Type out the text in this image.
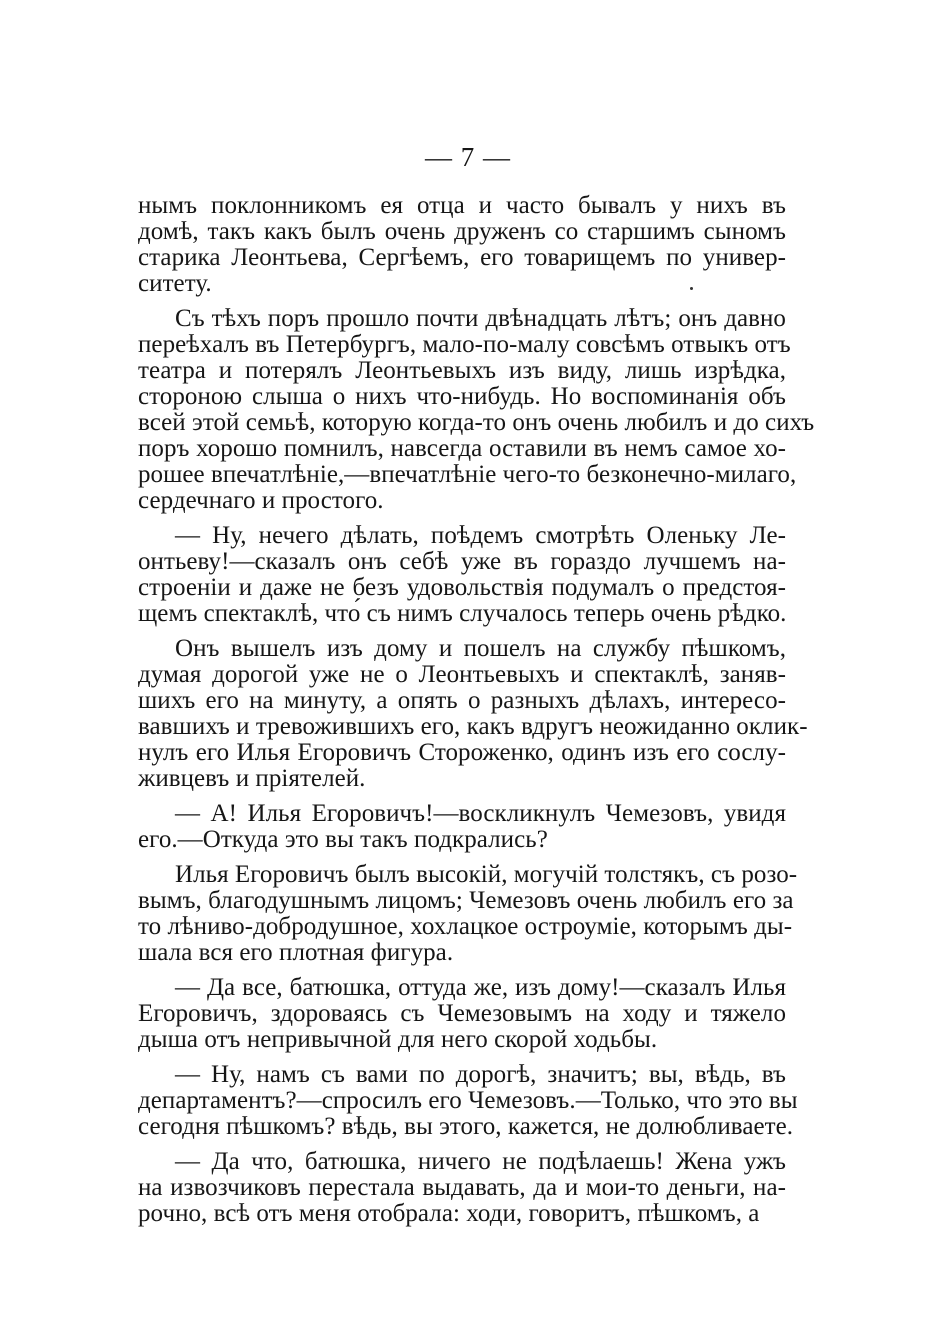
— 7 —
нымъ поклонникомъ ея отца и часто бывалъ у нихъ въ
домѣ, такъ какъ былъ очень друженъ со старшимъ сыномъ
старика Леонтьева, Сергѣемъ, его товарищемъ по универ-
ситету.
Съ тѣхъ поръ прошло почти двѣнадцать лѣтъ; онъ давно
переѣхалъ въ Петербургъ, мало-по-малу совсѣмъ отвыкъ отъ
театра и потерялъ Леонтьевыхъ изъ виду, лишь изрѣдка,
стороною слыша о нихъ что-нибудь. Но воспоминанія объ
всей этой семьѣ, которую когда-то онъ очень любилъ и до сихъ
поръ хорошо помнилъ, навсегда оставили въ немъ самое хо-
рошее впечатлѣніе,—впечатлѣніе чего-то безконечно-милаго,
сердечнаго и простого.
— Ну, нечего дѣлать, поѣдемъ смотрѣть Оленьку Ле-
онтьеву!—сказалъ онъ себѣ уже въ гораздо лучшемъ на-
строеніи и даже не безъ удовольствія подумалъ о предстоя-
щемъ спектаклѣ, что́ съ нимъ случалось теперь очень рѣдко.
Онъ вышелъ изъ дому и пошелъ на службу пѣшкомъ,
думая дорогой уже не о Леонтьевыхъ и спектаклѣ, заняв-
шихъ его на минуту, а опять о разныхъ дѣлахъ, интересо-
вавшихъ и тревожившихъ его, какъ вдругъ неожиданно оклик-
нулъ его Илья Егоровичъ Стороженко, одинъ изъ его сослу-
живцевъ и пріятелей.
— А! Илья Егоровичъ!—воскликнулъ Чемезовъ, увидя
его.—Откуда это вы такъ подкрались?
Илья Егоровичъ былъ высокій, могучій толстякъ, съ розо-
вымъ, благодушнымъ лицомъ; Чемезовъ очень любилъ его за
то лѣниво-добродушное, хохлацкое остроуміе, которымъ ды-
шала вся его плотная фигура.
— Да все, батюшка, оттуда же, изъ дому!—сказалъ Илья
Егоровичъ, здороваясь съ Чемезовымъ на ходу и тяжело
дыша отъ непривычной для него скорой ходьбы.
— Ну, намъ съ вами по дорогѣ, значитъ; вы, вѣдь, въ
департаментъ?—спросилъ его Чемезовъ.—Только, что это вы
сегодня пѣшкомъ? вѣдь, вы этого, кажется, не долюбливаете.
— Да что, батюшка, ничего не подѣлаешь! Жена ужъ
на извозчиковъ перестала выдавать, да и мои-то деньги, на-
рочно, всѣ отъ меня отобрала: ходи, говоритъ, пѣшкомъ, а
